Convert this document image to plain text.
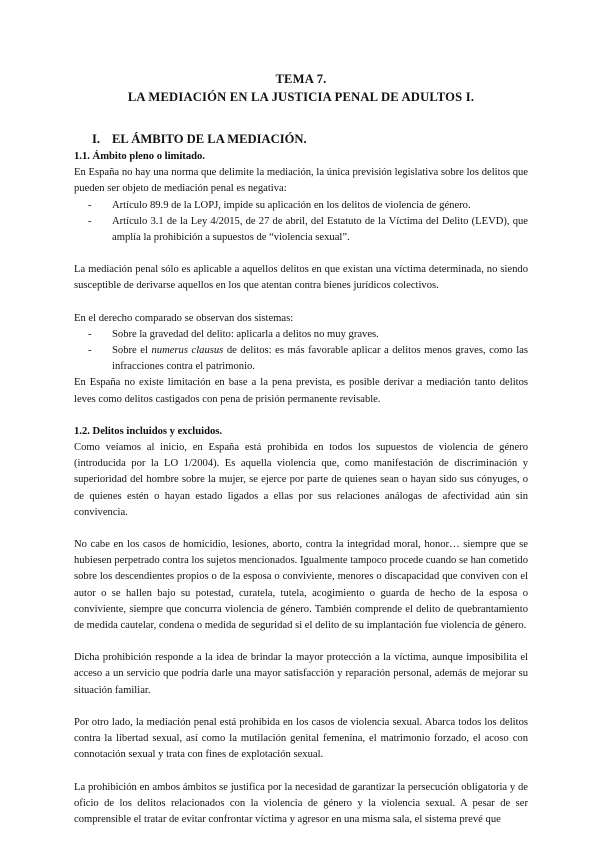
TEMA 7.
LA MEDIACIÓN EN LA JUSTICIA PENAL DE ADULTOS I.
I. EL ÁMBITO DE LA MEDIACIÓN.

1.1. Ámbito pleno o limitado.

En España no hay una norma que delimite la mediación, la única previsión legislativa sobre los delitos que pueden ser objeto de mediación penal es negativa:

- Artículo 89.9 de la LOPJ, impide su aplicación en los delitos de violencia de género.
- Artículo 3.1 de la Ley 4/2015, de 27 de abril, del Estatuto de la Víctima del Delito (LEVD), que amplía la prohibición a supuestos de “violencia sexual”.

La mediación penal sólo es aplicable a aquellos delitos en que existan una víctima determinada, no siendo susceptible de derivarse aquellos en los que atentan contra bienes jurídicos colectivos.

En el derecho comparado se observan dos sistemas:

- Sobre la gravedad del delito: aplicarla a delitos no muy graves.
- Sobre el numerus clausus de delitos: es más favorable aplicar a delitos menos graves, como las infracciones contra el patrimonio.

En España no existe limitación en base a la pena prevista, es posible derivar a mediación tanto delitos leves como delitos castigados con pena de prisión permanente revisable.

1.2. Delitos incluidos y excluidos.

Como veíamos al inicio, en España está prohibida en todos los supuestos de violencia de género (introducida por la LO 1/2004). Es aquella violencia que, como manifestación de discriminación y superioridad del hombre sobre la mujer, se ejerce por parte de quienes sean o hayan sido sus cónyuges, o de quienes estén o hayan estado ligados a ellas por sus relaciones análogas de afectividad aún sin convivencia.

No cabe en los casos de homicidio, lesiones, aborto, contra la integridad moral, honor… siempre que se hubiesen perpetrado contra los sujetos mencionados. Igualmente tampoco procede cuando se han cometido sobre los descendientes propios o de la esposa o conviviente, menores o discapacidad que conviven con el autor o se hallen bajo su potestad, curatela, tutela, acogimiento o guarda de hecho de la esposa o conviviente, siempre que concurra violencia de género. También comprende el delito de quebrantamiento de medida cautelar, condena o medida de seguridad si el delito de su implantación fue violencia de género.

Dicha prohibición responde a la idea de brindar la mayor protección a la víctima, aunque imposibilita el acceso a un servicio que podría darle una mayor satisfacción y reparación personal, además de mejorar su situación familiar.

Por otro lado, la mediación penal está prohibida en los casos de violencia sexual. Abarca todos los delitos contra la libertad sexual, así como la mutilación genital femenina, el matrimonio forzado, el acoso con connotación sexual y trata con fines de explotación sexual.

La prohibición en ambos ámbitos se justifica por la necesidad de garantizar la persecución obligatoria y de oficio de los delitos relacionados con la violencia de género y la violencia sexual. A pesar de ser comprensible el tratar de evitar confrontar víctima y agresor en una misma sala, el sistema prevé que
